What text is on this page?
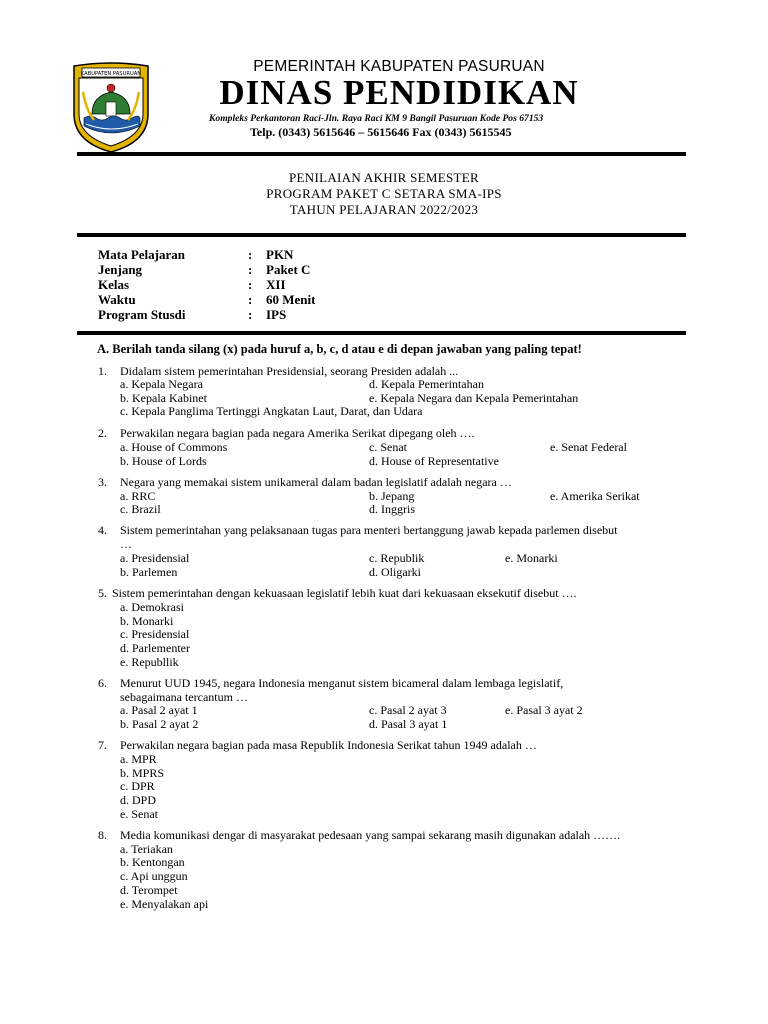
KABUPATEN PASURUAN	PEMERINTAH KABUPATEN PASURUAN
DINAS PENDIDIKAN
Kompleks Perkantoran Raci-Jln. Raya Raci KM 9 Bangil Pasuruan Kode Pos 67153
Telp. (0343) 5615646 – 5615646 Fax (0343) 5615545
PENILAIAN AKHIR SEMESTER
PROGRAM PAKET C SETARA SMA-IPS
TAHUN PELAJARAN 2022/2023
Mata Pelajaran	: PKN
Jenjang	: Paket C
Kelas	: XII
Waktu	: 60 Menit
Program Stusdi	: IPS
A. Berilah tanda silang (x) pada huruf a, b, c, d atau e di depan jawaban yang paling tepat!
1. Didalam sistem pemerintahan Presidensial, seorang Presiden adalah ...
a. Kepala Negara	d. Kepala Pemerintahan
b. Kepala Kabinet	e. Kepala Negara dan Kepala Pemerintahan
c. Kepala Panglima Tertinggi Angkatan Laut, Darat, dan Udara
2. Perwakilan negara bagian pada negara Amerika Serikat dipegang oleh ….
a. House of Commons	c. Senat	e. Senat Federal
b. House of Lords	d. House of Representative
3. Negara yang memakai sistem unikameral dalam badan legislatif adalah negara …
a. RRC	b. Jepang	e. Amerika Serikat
c. Brazil	d. Inggris
4. Sistem pemerintahan yang pelaksanaan tugas para menteri bertanggung jawab kepada parlemen disebut
…
a. Presidensial	c. Republik	e. Monarki
b. Parlemen	d. Oligarki
5. Sistem pemerintahan dengan kekuasaan legislatif lebih kuat dari kekuasaan eksekutif disebut ….
a. Demokrasi
b. Monarki
c. Presidensial
d. Parlementer
e. Republlik
6. Menurut UUD 1945, negara Indonesia menganut sistem bicameral dalam lembaga legislatif,
sebagaimana tercantum …
a. Pasal 2 ayat 1	c. Pasal 2 ayat 3	e. Pasal 3 ayat 2
b. Pasal 2 ayat 2	d. Pasal 3 ayat 1
7. Perwakilan negara bagian pada masa Republik Indonesia Serikat tahun 1949 adalah …
a. MPR
b. MPRS
c. DPR
d. DPD
e. Senat
8. Media komunikasi dengar di masyarakat pedesaan yang sampai sekarang masih digunakan adalah …….
a. Teriakan
b. Kentongan
c. Api unggun
d. Terompet
e. Menyalakan api
